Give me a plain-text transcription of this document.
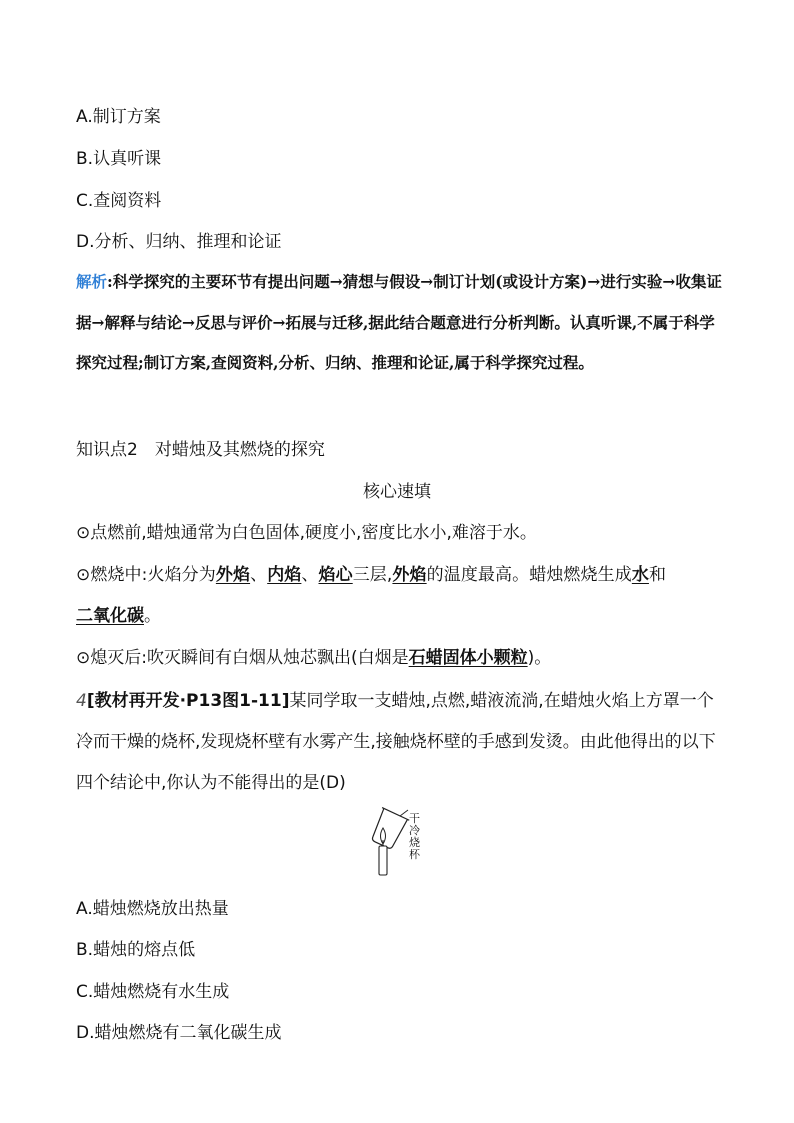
A.制订方案
B.认真听课
C.查阅资料
D.分析、归纳、推理和论证
解析:科学探究的主要环节有提出问题→猜想与假设→制订计划(或设计方案)→进行实验→收集证据→解释与结论→反思与评价→拓展与迁移,据此结合题意进行分析判断。认真听课,不属于科学探究过程;制订方案,查阅资料,分析、归纳、推理和论证,属于科学探究过程。
知识点2　对蜡烛及其燃烧的探究
核心速填
⊙点燃前,蜡烛通常为白色固体,硬度小,密度比水小,难溶于水。
⊙燃烧中:火焰分为外焰、内焰、焰心三层,外焰的温度最高。蜡烛燃烧生成水和
二氧化碳。
⊙熄灭后:吹灭瞬间有白烟从烛芯飘出(白烟是石蜡固体小颗粒)。
4[教材再开发·P13图1-11]某同学取一支蜡烛,点燃,蜡液流淌,在蜡烛火焰上方罩一个冷而干燥的烧杯,发现烧杯壁有水雾产生,接触烧杯壁的手感到发烫。由此他得出的以下四个结论中,你认为不能得出的是(D)
干冷烧杯
A.蜡烛燃烧放出热量
B.蜡烛的熔点低
C.蜡烛燃烧有水生成
D.蜡烛燃烧有二氧化碳生成
